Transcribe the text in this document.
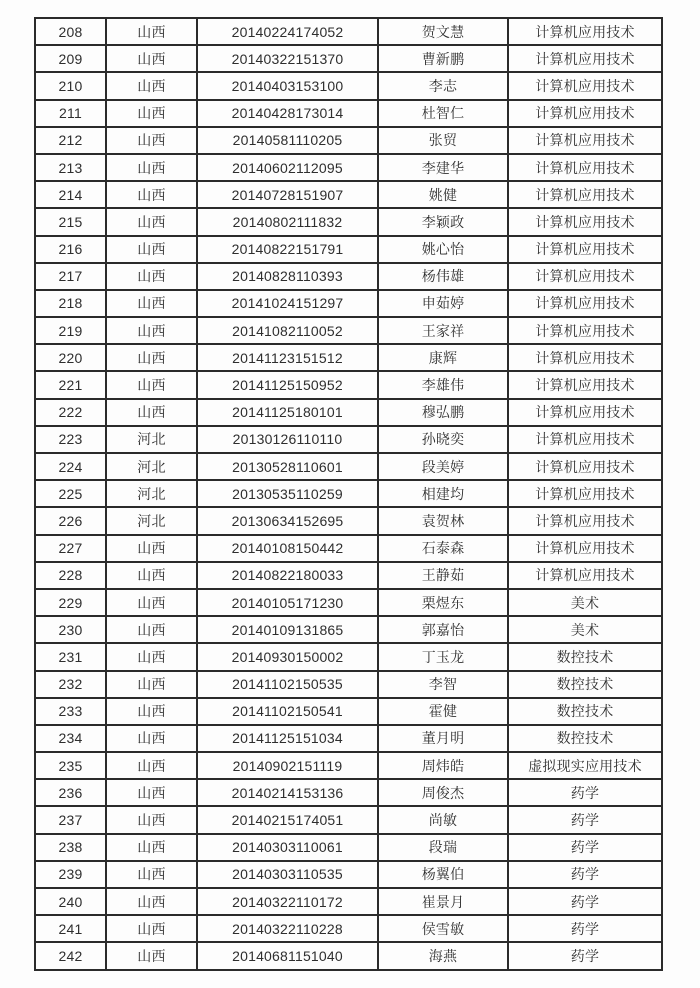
208	山西	20140224174052	贺文慧	计算机应用技术
209	山西	20140322151370	曹新鹏	计算机应用技术
210	山西	20140403153100	李志	计算机应用技术
211	山西	20140428173014	杜智仁	计算机应用技术
212	山西	20140581110205	张贸	计算机应用技术
213	山西	20140602112095	李建华	计算机应用技术
214	山西	20140728151907	姚健	计算机应用技术
215	山西	20140802111832	李颖政	计算机应用技术
216	山西	20140822151791	姚心怡	计算机应用技术
217	山西	20140828110393	杨伟雄	计算机应用技术
218	山西	20141024151297	申茹婷	计算机应用技术
219	山西	20141082110052	王家祥	计算机应用技术
220	山西	20141123151512	康辉	计算机应用技术
221	山西	20141125150952	李雄伟	计算机应用技术
222	山西	20141125180101	穆弘鹏	计算机应用技术
223	河北	20130126110110	孙晓奕	计算机应用技术
224	河北	20130528110601	段美婷	计算机应用技术
225	河北	20130535110259	相建均	计算机应用技术
226	河北	20130634152695	袁贺林	计算机应用技术
227	山西	20140108150442	石泰森	计算机应用技术
228	山西	20140822180033	王静茹	计算机应用技术
229	山西	20140105171230	栗煜东	美术
230	山西	20140109131865	郭嘉怡	美术
231	山西	20140930150002	丁玉龙	数控技术
232	山西	20141102150535	李智	数控技术
233	山西	20141102150541	霍健	数控技术
234	山西	20141125151034	董月明	数控技术
235	山西	20140902151119	周炜皓	虚拟现实应用技术
236	山西	20140214153136	周俊杰	药学
237	山西	20140215174051	尚敏	药学
238	山西	20140303110061	段瑞	药学
239	山西	20140303110535	杨翼伯	药学
240	山西	20140322110172	崔景月	药学
241	山西	20140322110228	侯雪敏	药学
242	山西	20140681151040	海燕	药学
